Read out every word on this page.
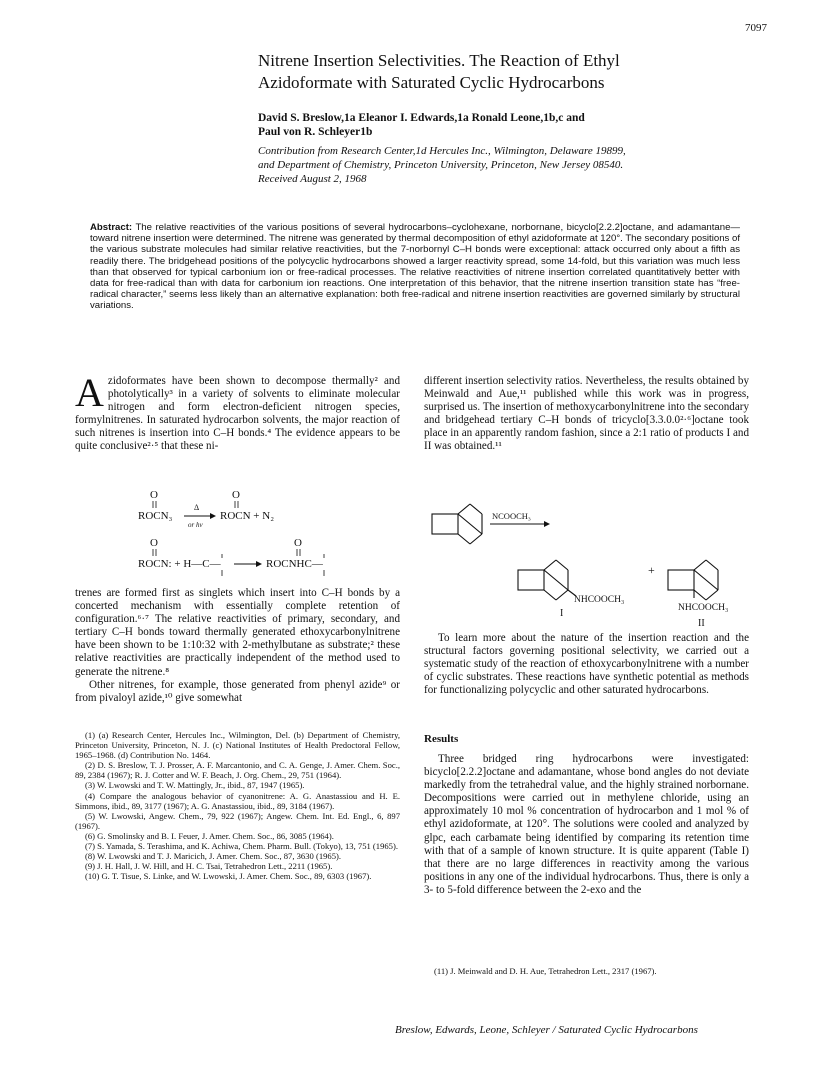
7097
Nitrene Insertion Selectivities. The Reaction of Ethyl
Azidoformate with Saturated Cyclic Hydrocarbons
David S. Breslow,1a Eleanor I. Edwards,1a Ronald Leone,1b,c and
Paul von R. Schleyer1b
Contribution from Research Center,1d Hercules Inc., Wilmington, Delaware 19899,
and Department of Chemistry, Princeton University, Princeton, New Jersey 08540.
Received August 2, 1968
Abstract: The relative reactivities of the various positions of several hydrocarbons–cyclohexane, norbornane, bicyclo[2.2.2]octane, and adamantane—toward nitrene insertion were determined. The nitrene was generated by thermal decomposition of ethyl azidoformate at 120°. The secondary positions of the various substrate molecules had similar relative reactivities, but the 7-norbornyl C–H bonds were exceptional: attack occurred only about a fifth as readily there. The bridgehead positions of the polycyclic hydrocarbons showed a larger reactivity spread, some 14-fold, but this variation was much less than that observed for typical carbonium ion or free-radical processes. The relative reactivities of nitrene insertion correlated quantitatively better with data for free-radical than with data for carbonium ion reactions. One interpretation of this behavior, that the nitrene insertion transition state has “free-radical character,” seems less likely than an alternative explanation: both free-radical and nitrene insertion reactivities are governed similarly by structural variations.

Azidoformates have been shown to decompose thermally² and photolytically³ in a variety of solvents to eliminate molecular nitrogen and form electron-deficient nitrogen species, formylnitrenes. In saturated hydrocarbon solvents, the major reaction of such nitrenes is insertion into C–H bonds.⁴ The evidence appears to be quite conclusive²·⁵ that these ni-

O
ROCN₃
Δ
or hν
O
ROCN + N₂
O
ROCN: + H—C—
O
ROCNHC—

trenes are formed first as singlets which insert into C–H bonds by a concerted mechanism with essentially complete retention of configuration.⁶·⁷ The relative reactivities of primary, secondary, and tertiary C–H bonds toward thermally generated ethoxycarbonylnitrene have been shown to be 1:10:32 with 2-methylbutane as substrate;² these relative reactivities are practically independent of the method used to generate the nitrene.⁸

Other nitrenes, for example, those generated from phenyl azide⁹ or from pivaloyl azide,¹⁰ give somewhat

(1) (a) Research Center, Hercules Inc., Wilmington, Del. (b) Department of Chemistry, Princeton University, Princeton, N. J. (c) National Institutes of Health Predoctoral Fellow, 1965–1968. (d) Contribution No. 1464.

(2) D. S. Breslow, T. J. Prosser, A. F. Marcantonio, and C. A. Genge, J. Amer. Chem. Soc., 89, 2384 (1967); R. J. Cotter and W. F. Beach, J. Org. Chem., 29, 751 (1964).

(3) W. Lwowski and T. W. Mattingly, Jr., ibid., 87, 1947 (1965).

(4) Compare the analogous behavior of cyanonitrene: A. G. Anastassiou and H. E. Simmons, ibid., 89, 3177 (1967); A. G. Anastassiou, ibid., 89, 3184 (1967).

(5) W. Lwowski, Angew. Chem., 79, 922 (1967); Angew. Chem. Int. Ed. Engl., 6, 897 (1967).

(6) G. Smolinsky and B. I. Feuer, J. Amer. Chem. Soc., 86, 3085 (1964).

(7) S. Yamada, S. Terashima, and K. Achiwa, Chem. Pharm. Bull. (Tokyo), 13, 751 (1965).

(8) W. Lwowski and T. J. Maricich, J. Amer. Chem. Soc., 87, 3630 (1965).

(9) J. H. Hall, J. W. Hill, and H. C. Tsai, Tetrahedron Lett., 2211 (1965).

(10) G. T. Tisue, S. Linke, and W. Lwowski, J. Amer. Chem. Soc., 89, 6303 (1967).

different insertion selectivity ratios. Nevertheless, the results obtained by Meinwald and Aue,¹¹ published while this work was in progress, surprised us. The insertion of methoxycarbonylnitrene into the secondary and bridgehead tertiary C–H bonds of tricyclo[3.3.0.0²·⁶]octane took place in an apparently random fashion, since a 2:1 ratio of products I and II was obtained.¹¹

NCOOCH₃
+
NHCOOCH₃
NHCOOCH₃
I
II

To learn more about the nature of the insertion reaction and the structural factors governing positional selectivity, we carried out a systematic study of the reaction of ethoxycarbonylnitrene with a number of cyclic substrates. These reactions have synthetic potential as methods for functionalizing polycyclic and other saturated hydrocarbons.

Results

Three bridged ring hydrocarbons were investigated: bicyclo[2.2.2]octane and adamantane, whose bond angles do not deviate markedly from the tetrahedral value, and the highly strained norbornane. Decompositions were carried out in methylene chloride, using an approximately 10 mol % concentration of hydrocarbon and 1 mol % of ethyl azidoformate, at 120°. The solutions were cooled and analyzed by glpc, each carbamate being identified by comparing its retention time with that of a sample of known structure. It is quite apparent (Table I) that there are no large differences in reactivity among the various positions in any one of the individual hydrocarbons. Thus, there is only a 3- to 5-fold difference between the 2-exo and the

(11) J. Meinwald and D. H. Aue, Tetrahedron Lett., 2317 (1967).
Breslow, Edwards, Leone, Schleyer / Saturated Cyclic Hydrocarbons
